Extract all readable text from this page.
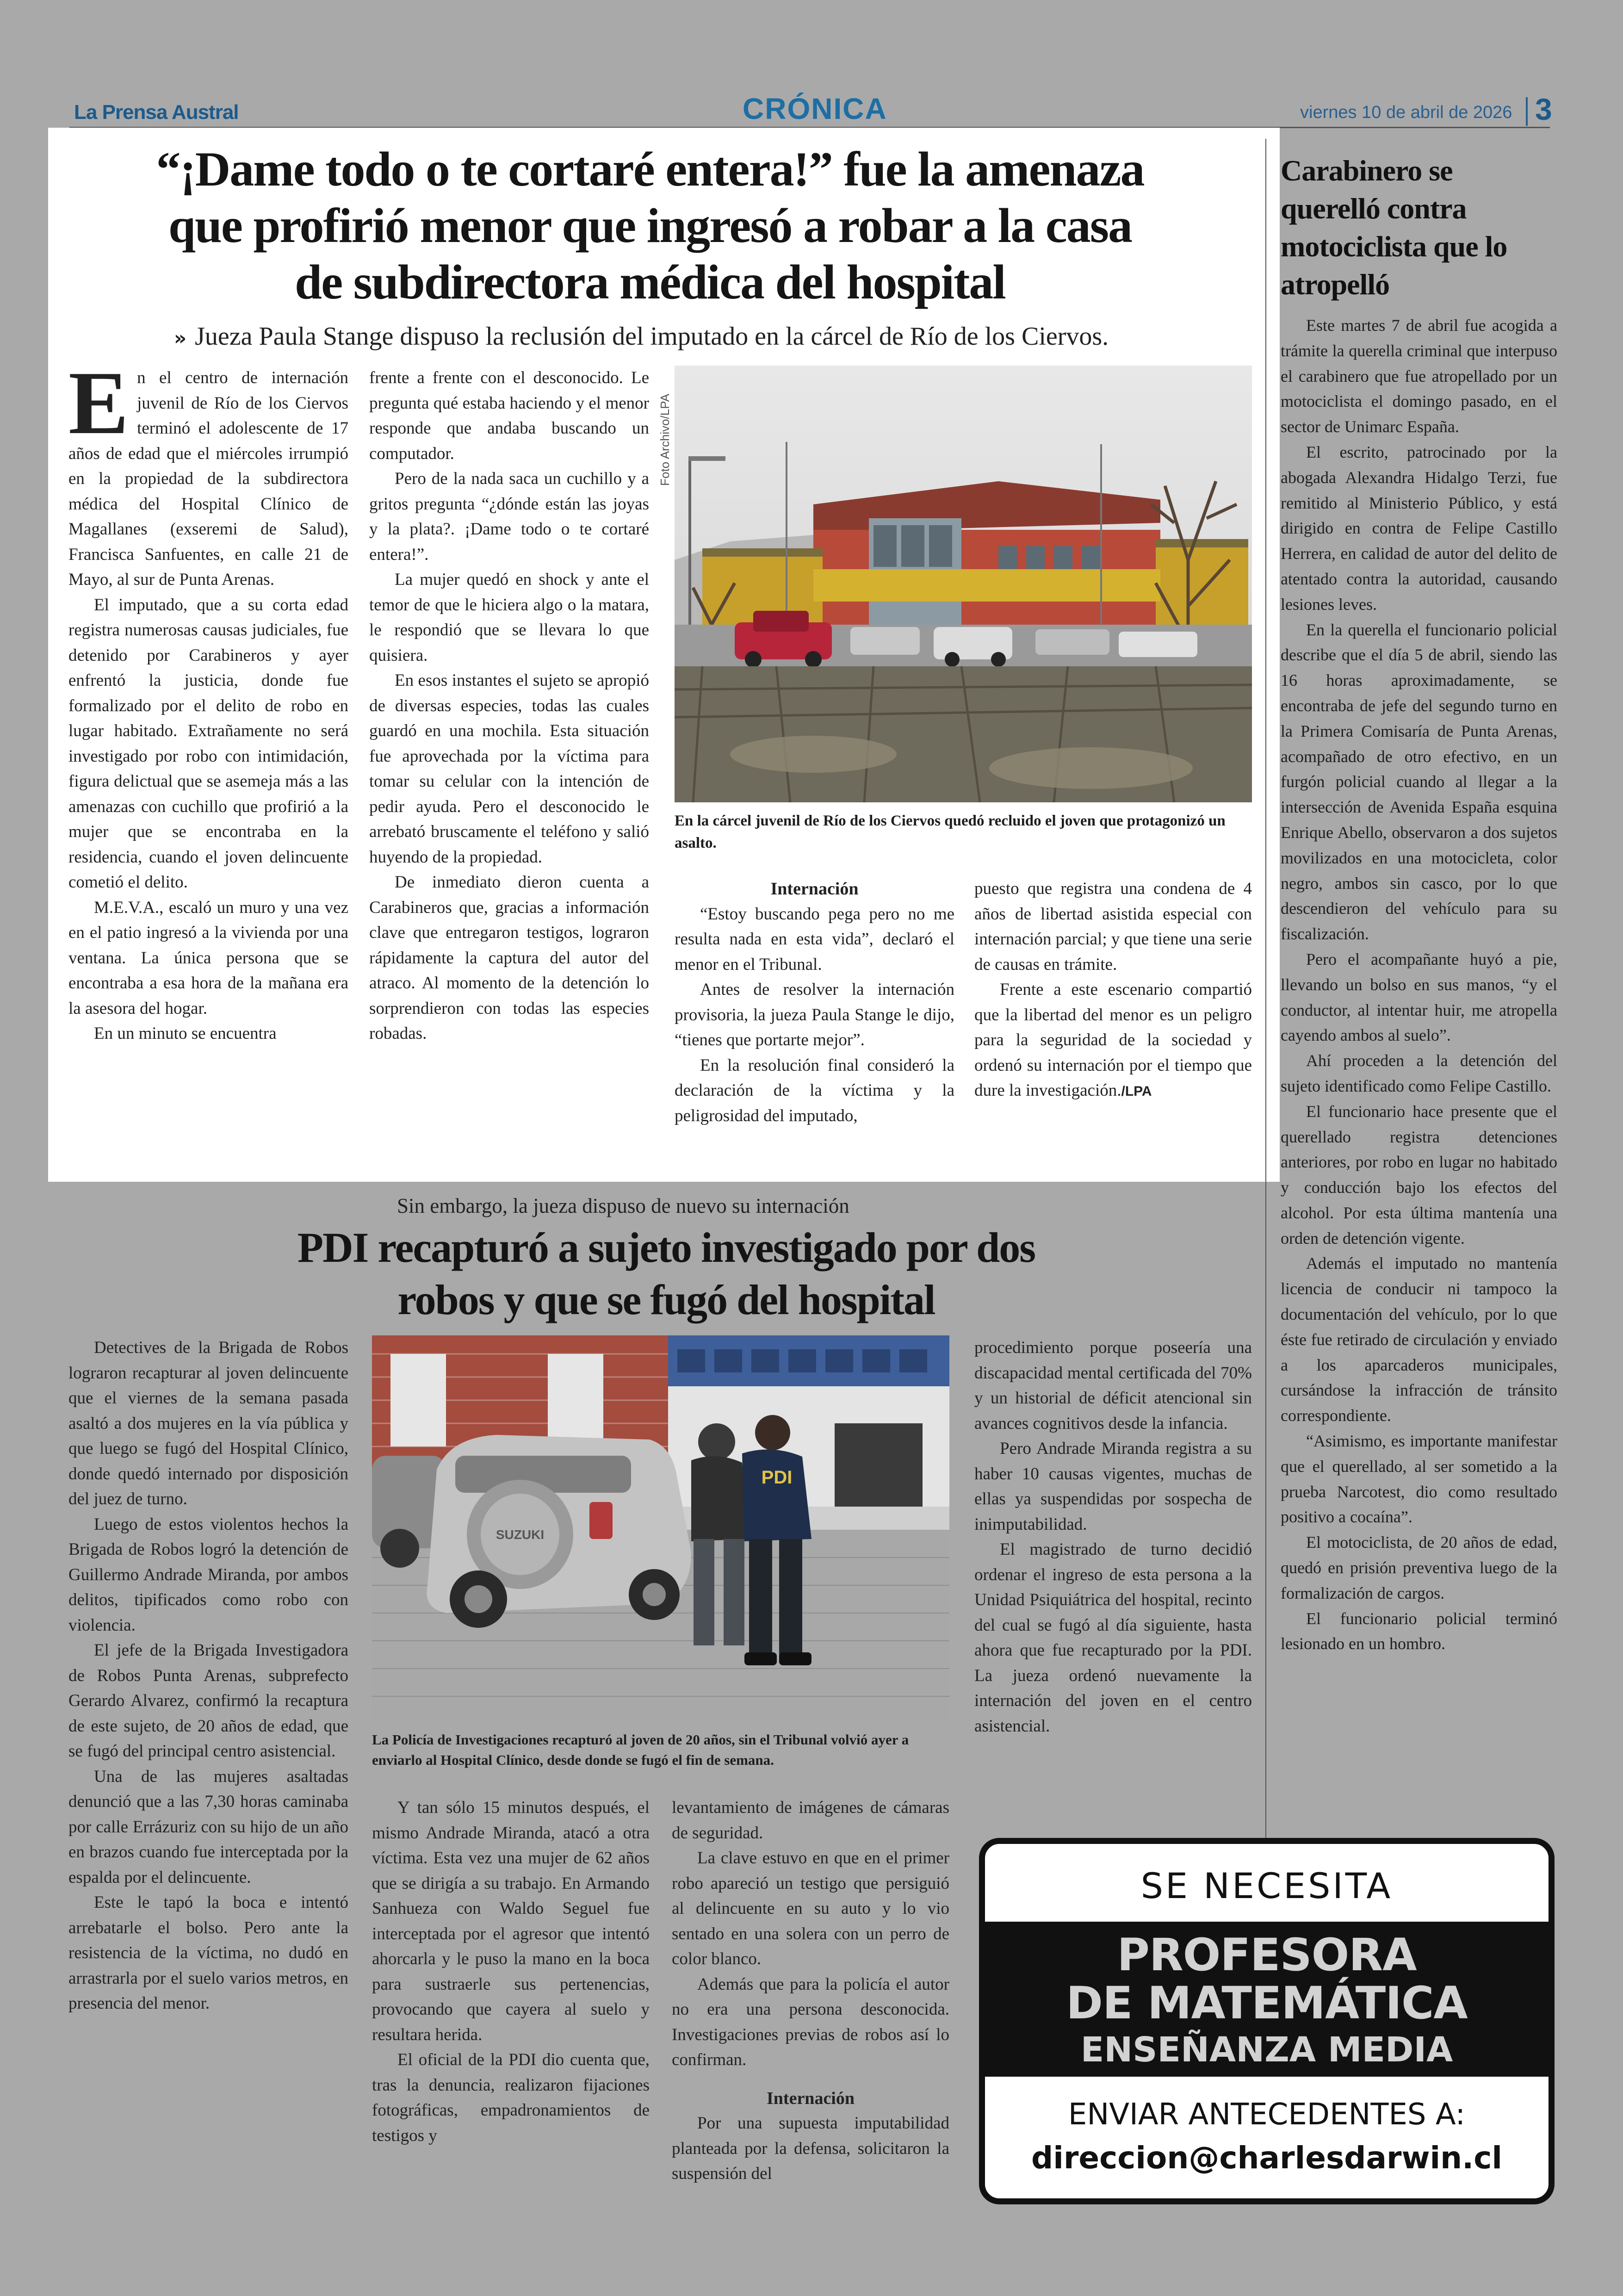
La Prensa Austral	CRÓNICA	viernes 10 de abril de 2026 3
“¡Dame todo o te cortaré entera!” fue la amenaza que profirió menor que ingresó a robar a la casa de subdirectora médica del hospital
» Jueza Paula Stange dispuso la reclusión del imputado en la cárcel de Río de los Ciervos.

En el centro de internación juvenil de Río de los Ciervos terminó el adolescente de 17 años de edad que el miércoles irrumpió en la propiedad de la subdirectora médica del Hospital Clínico de Magallanes (exseremi de Salud), Francisca Sanfuentes, en calle 21 de Mayo, al sur de Punta Arenas.

El imputado, que a su corta edad registra numerosas causas judiciales, fue detenido por Carabineros y ayer enfrentó la justicia, donde fue formalizado por el delito de robo en lugar habitado. Extrañamente no será investigado por robo con intimidación, figura delictual que se asemeja más a las amenazas con cuchillo que profirió a la mujer que se encontraba en la residencia, cuando el joven delincuente cometió el delito.

M.E.V.A., escaló un muro y una vez en el patio ingresó a la vivienda por una ventana. La única persona que se encontraba a esa hora de la mañana era la asesora del hogar.

En un minuto se encuentra

frente a frente con el desconocido. Le pregunta qué estaba haciendo y el menor responde que andaba buscando un computador.

Pero de la nada saca un cuchillo y a gritos pregunta “¿dónde están las joyas y la plata?. ¡Dame todo o te cortaré entera!”.

La mujer quedó en shock y ante el temor de que le hiciera algo o la matara, le respondió que se llevara lo que quisiera.

En esos instantes el sujeto se apropió de diversas especies, todas las cuales guardó en una mochila. Esta situación fue aprovechada por la víctima para tomar su celular con la intención de pedir ayuda. Pero el desconocido le arrebató bruscamente el teléfono y salió huyendo de la propiedad.

De inmediato dieron cuenta a Carabineros que, gracias a información clave que entregaron testigos, lograron rápidamente la captura del autor del atraco. Al momento de la detención lo sorprendieron con todas las especies robadas.

Foto Archivo/LPA
En la cárcel juvenil de Río de los Ciervos quedó recluido el joven que protagonizó un asalto.
Internación

“Estoy buscando pega pero no me resulta nada en esta vida”, declaró el menor en el Tribunal.

Antes de resolver la internación provisoria, la jueza Paula Stange le dijo, “tienes que portarte mejor”.

En la resolución final consideró la declaración de la víctima y la peligrosidad del imputado,

puesto que registra una condena de 4 años de libertad asistida especial con internación parcial; y que tiene una serie de causas en trámite.

Frente a este escenario compartió que la libertad del menor es un peligro para la seguridad de la sociedad y ordenó su internación por el tiempo que dure la investigación./LPA

Carabinero se querelló contra motociclista que lo atropelló

Este martes 7 de abril fue acogida a trámite la querella criminal que interpuso el carabinero que fue atropellado por un motociclista el domingo pasado, en el sector de Unimarc España.

El escrito, patrocinado por la abogada Alexandra Hidalgo Terzi, fue remitido al Ministerio Público, y está dirigido en contra de Felipe Castillo Herrera, en calidad de autor del delito de atentado contra la autoridad, causando lesiones leves.

En la querella el funcionario policial describe que el día 5 de abril, siendo las 16 horas aproximadamente, se encontraba de jefe del segundo turno en la Primera Comisaría de Punta Arenas, acompañado de otro efectivo, en un furgón policial cuando al llegar a la intersección de Avenida España esquina Enrique Abello, observaron a dos sujetos movilizados en una motocicleta, color negro, ambos sin casco, por lo que descendieron del vehículo para su fiscalización.

Pero el acompañante huyó a pie, llevando un bolso en sus manos, “y el conductor, al intentar huir, me atropella cayendo ambos al suelo”.

Ahí proceden a la detención del sujeto identificado como Felipe Castillo.

El funcionario hace presente que el querellado registra detenciones anteriores, por robo en lugar no habitado y conducción bajo los efectos del alcohol. Por esta última mantenía una orden de detención vigente.

Además el imputado no mantenía licencia de conducir ni tampoco la documentación del vehículo, por lo que éste fue retirado de circulación y enviado a los aparcaderos municipales, cursándose la infracción de tránsito correspondiente.

“Asimismo, es importante manifestar que el querellado, al ser sometido a la prueba Narcotest, dio como resultado positivo a cocaína”.

El motociclista, de 20 años de edad, quedó en prisión preventiva luego de la formalización de cargos.

El funcionario policial terminó lesionado en un hombro.

Sin embargo, la jueza dispuso de nuevo su internación
PDI recapturó a sujeto investigado por dos robos y que se fugó del hospital

Detectives de la Brigada de Robos lograron recapturar al joven delincuente que el viernes de la semana pasada asaltó a dos mujeres en la vía pública y que luego se fugó del Hospital Clínico, donde quedó internado por disposición del juez de turno.

Luego de estos violentos hechos la Brigada de Robos logró la detención de Guillermo Andrade Miranda, por ambos delitos, tipificados como robo con violencia.

El jefe de la Brigada Investigadora de Robos Punta Arenas, subprefecto Gerardo Alvarez, confirmó la recaptura de este sujeto, de 20 años de edad, que se fugó del principal centro asistencial.

Una de las mujeres asaltadas denunció que a las 7,30 horas caminaba por calle Errázuriz con su hijo de un año en brazos cuando fue interceptada por la espalda por el delincuente.

Este le tapó la boca e intentó arrebatarle el bolso. Pero ante la resistencia de la víctima, no dudó en arrastrarla por el suelo varios metros, en presencia del menor.

SUZUKI
PDI
La Policía de Investigaciones recapturó al joven de 20 años, sin el Tribunal volvió ayer a enviarlo al Hospital Clínico, desde donde se fugó el fin de semana.

Y tan sólo 15 minutos después, el mismo Andrade Miranda, atacó a otra víctima. Esta vez una mujer de 62 años que se dirigía a su trabajo. En Armando Sanhueza con Waldo Seguel fue interceptada por el agresor que intentó ahorcarla y le puso la mano en la boca para sustraerle sus pertenencias, provocando que cayera al suelo y resultara herida.

El oficial de la PDI dio cuenta que, tras la denuncia, realizaron fijaciones fotográficas, empadronamientos de testigos y

levantamiento de imágenes de cámaras de seguridad.

La clave estuvo en que en el primer robo apareció un testigo que persiguió al delincuente en su auto y lo vio sentado en una solera con un perro de color blanco.

Además que para la policía el autor no era una persona desconocida. Investigaciones previas de robos así lo confirman.

Internación

Por una supuesta imputabilidad planteada por la defensa, solicitaron la suspensión del

procedimiento porque poseería una discapacidad mental certificada del 70% y un historial de déficit atencional sin avances cognitivos desde la infancia.

Pero Andrade Miranda registra a su haber 10 causas vigentes, muchas de ellas ya suspendidas por sospecha de inimputabilidad.

El magistrado de turno decidió ordenar el ingreso de esta persona a la Unidad Psiquiátrica del hospital, recinto del cual se fugó al día siguiente, hasta ahora que fue recapturado por la PDI. La jueza ordenó nuevamente la internación del joven en el centro asistencial.

SE NECESITA
PROFESORA
DE MATEMÁTICA
ENSEÑANZA MEDIA
ENVIAR ANTECEDENTES A:
direccion@charlesdarwin.cl
